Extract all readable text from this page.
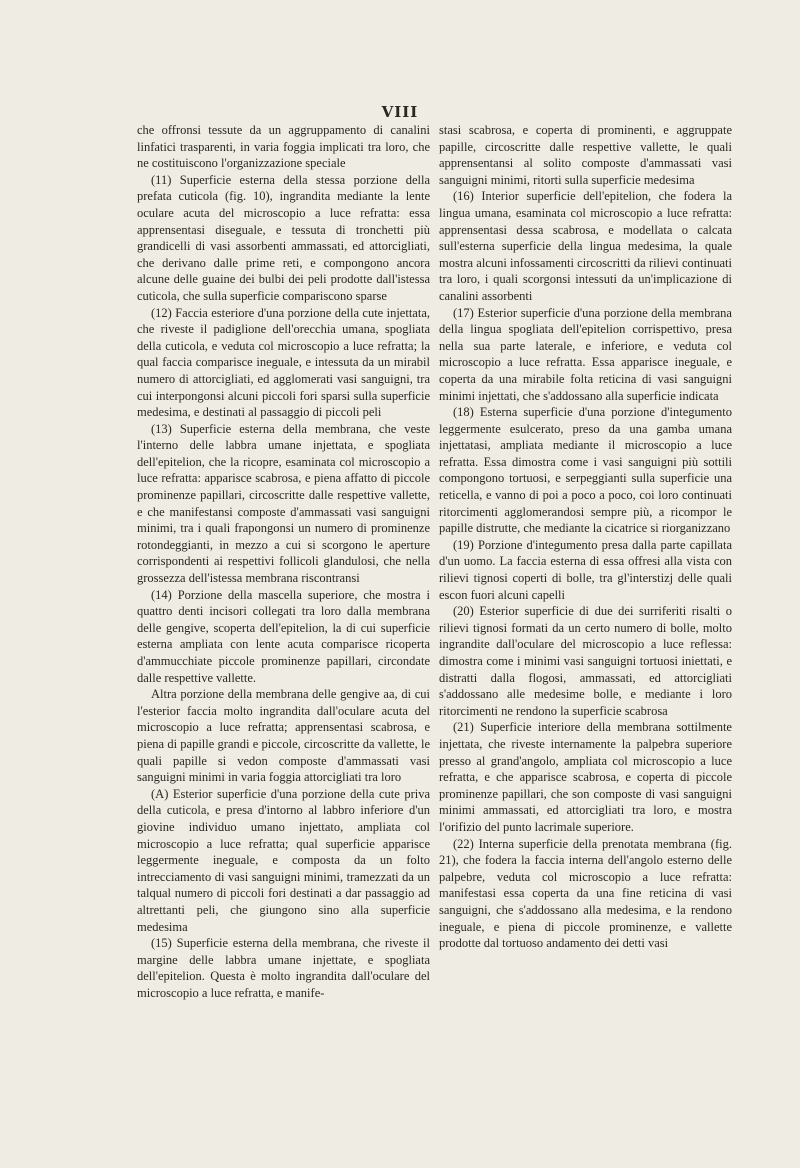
VIII

che offronsi tessute da un aggruppamento di canalini linfatici trasparenti, in varia foggia implicati tra loro, che ne costituiscono l'organizzazione speciale

(11) Superficie esterna della stessa porzione della prefata cuticola (fig. 10), ingrandita mediante la lente oculare acuta del microscopio a luce refratta: essa apprensentasi diseguale, e tessuta di tronchetti più grandicelli di vasi assorbenti ammassati, ed attorcigliati, che derivano dalle prime reti, e compongono ancora alcune delle guaine dei bulbi dei peli prodotte dall'istessa cuticola, che sulla superficie compariscono sparse

(12) Faccia esteriore d'una porzione della cute injettata, che riveste il padiglione dell'orecchia umana, spogliata della cuticola, e veduta col microscopio a luce refratta; la qual faccia comparisce ineguale, e intessuta da un mirabil numero di attorcigliati, ed agglomerati vasi sanguigni, tra cui interpongonsi alcuni piccoli fori sparsi sulla superficie medesima, e destinati al passaggio di piccoli peli

(13) Superficie esterna della membrana, che veste l'interno delle labbra umane injettata, e spogliata dell'epitelion, che la ricopre, esaminata col microscopio a luce refratta: apparisce scabrosa, e piena affatto di piccole prominenze papillari, circoscritte dalle respettive vallette, e che manifestansi composte d'ammassati vasi sanguigni minimi, tra i quali frapongonsi un numero di prominenze rotondeggianti, in mezzo a cui si scorgono le aperture corrispondenti ai respettivi follicoli glandulosi, che nella grossezza dell'istessa membrana riscontransi

(14) Porzione della mascella superiore, che mostra i quattro denti incisori collegati tra loro dalla membrana delle gengive, scoperta dell'epitelion, la di cui superficie esterna ampliata con lente acuta comparisce ricoperta d'ammucchiate piccole prominenze papillari, circondate dalle respettive vallette.

Altra porzione della membrana delle gengive aa, di cui l'esterior faccia molto ingrandita dall'oculare acuta del microscopio a luce refratta; apprensentasi scabrosa, e piena di papille grandi e piccole, circoscritte da vallette, le quali papille si vedon composte d'ammassati vasi sanguigni minimi in varia foggia attorcigliati tra loro

(A) Esterior superficie d'una porzione della cute priva della cuticola, e presa d'intorno al labbro inferiore d'un giovine individuo umano injettato, ampliata col microscopio a luce refratta; qual superficie apparisce leggermente ineguale, e composta da un folto intrecciamento di vasi sanguigni minimi, tramezzati da un talqual numero di piccoli fori destinati a dar passaggio ad altrettanti peli, che giungono sino alla superficie medesima

(15) Superficie esterna della membrana, che riveste il margine delle labbra umane injettate, e spogliata dell'epitelion. Questa è molto ingrandita dall'oculare del microscopio a luce refratta, e manife-

stasi scabrosa, e coperta di prominenti, e aggruppate papille, circoscritte dalle respettive vallette, le quali apprensentansi al solito composte d'ammassati vasi sanguigni minimi, ritorti sulla superficie medesima

(16) Interior superficie dell'epitelion, che fodera la lingua umana, esaminata col microscopio a luce refratta: apprensentasi dessa scabrosa, e modellata o calcata sull'esterna superficie della lingua medesima, la quale mostra alcuni infossamenti circoscritti da rilievi continuati tra loro, i quali scorgonsi intessuti da un'implicazione di canalini assorbenti

(17) Esterior superficie d'una porzione della membrana della lingua spogliata dell'epitelion corrispettivo, presa nella sua parte laterale, e inferiore, e veduta col microscopio a luce refratta. Essa apparisce ineguale, e coperta da una mirabile folta reticina di vasi sanguigni minimi injettati, che s'addossano alla superficie indicata

(18) Esterna superficie d'una porzione d'integumento leggermente esulcerato, preso da una gamba umana injettatasi, ampliata mediante il microscopio a luce refratta. Essa dimostra come i vasi sanguigni più sottili compongono tortuosi, e serpeggianti sulla superficie una reticella, e vanno di poi a poco a poco, coi loro continuati ritorcimenti agglomerandosi sempre più, a ricompor le papille distrutte, che mediante la cicatrice si riorganizzano

(19) Porzione d'integumento presa dalla parte capillata d'un uomo. La faccia esterna di essa offresi alla vista con rilievi tignosi coperti di bolle, tra gl'interstizj delle quali escon fuori alcuni capelli

(20) Esterior superficie di due dei surriferiti risalti o rilievi tignosi formati da un certo numero di bolle, molto ingrandite dall'oculare del microscopio a luce reflessa: dimostra come i minimi vasi sanguigni tortuosi iniettati, e distratti dalla flogosi, ammassati, ed attorcigliati s'addossano alle medesime bolle, e mediante i loro ritorcimenti ne rendono la superficie scabrosa

(21) Superficie interiore della membrana sottilmente injettata, che riveste internamente la palpebra superiore presso al grand'angolo, ampliata col microscopio a luce refratta, e che apparisce scabrosa, e coperta di piccole prominenze papillari, che son composte di vasi sanguigni minimi ammassati, ed attorcigliati tra loro, e mostra l'orifizio del punto lacrimale superiore.

(22) Interna superficie della prenotata membrana (fig. 21), che fodera la faccia interna dell'angolo esterno delle palpebre, veduta col microscopio a luce refratta: manifestasi essa coperta da una fine reticina di vasi sanguigni, che s'addossano alla medesima, e la rendono ineguale, e piena di piccole prominenze, e vallette prodotte dal tortuoso andamento dei detti vasi
